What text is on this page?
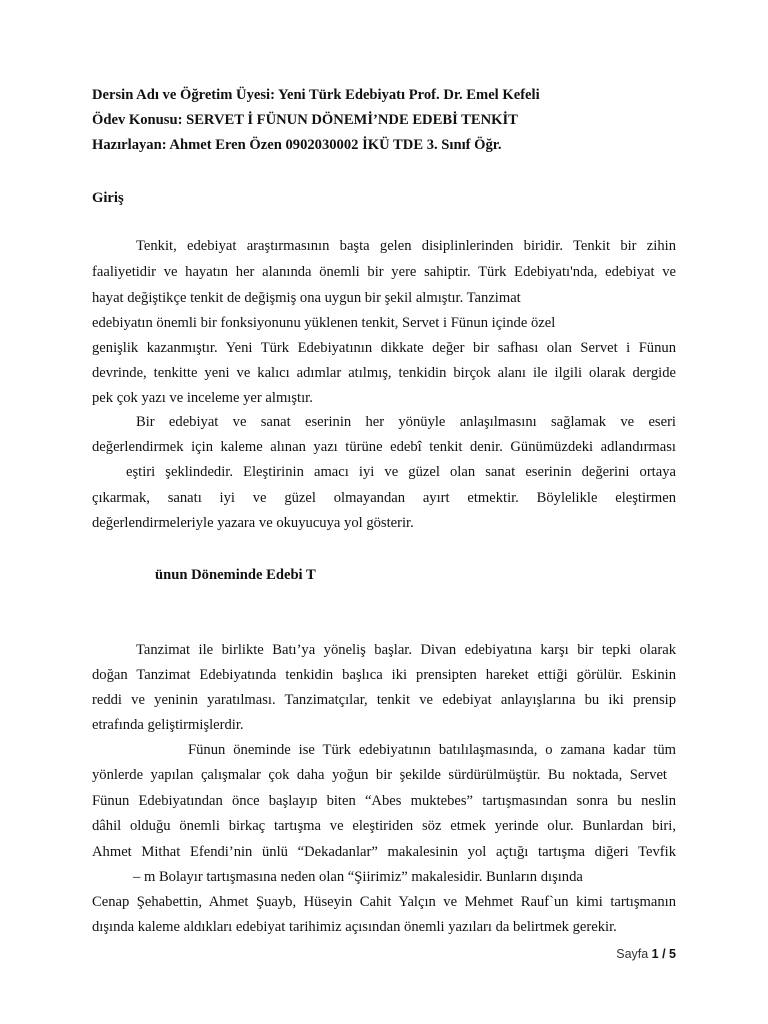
Dersin Adı ve Öğretim Üyesi: Yeni Türk Edebiyatı Prof. Dr. Emel Kefeli
Ödev Konusu: SERVET İ FÜNUN DÖNEMİ’NDE EDEBİ TENKİT
Hazırlayan: Ahmet Eren Özen 0902030002 İKÜ TDE 3. Sınıf Öğr.
Giriş
Tenkit, edebiyat araştırmasının başta gelen disiplinlerinden biridir. Tenkit bir zihin
faaliyetidir ve hayatın her alanında önemli bir yere sahiptir. Türk Edebiyatı'nda, edebiyat ve
hayat değiştikçe tenkit de değişmiş ona uygun bir şekil almıştır. Tanzimat
edebiyatın önemli bir fonksiyonunu yüklenen tenkit, Servet i Fünun içinde özel
genişlik kazanmıştır. Yeni Türk Edebiyatının dikkate değer bir safhası olan Servet i Fünun
devrinde, tenkitte yeni ve kalıcı adımlar atılmış, tenkidin birçok alanı ile ilgili olarak dergide
pek çok yazı ve inceleme yer almıştır.
Bir edebiyat ve sanat eserinin her yönüyle anlaşılmasını sağlamak ve eseri
değerlendirmek için kaleme alınan yazı türüne edebî tenkit denir. Günümüzdeki adlandırması
eştiri şeklindedir. Eleştirinin amacı iyi ve güzel olan sanat eserinin değerini ortaya
çıkarmak, sanatı iyi ve güzel olmayandan ayırt etmektir. Böylelikle eleştirmen
değerlendirmeleriyle yazara ve okuyucuya yol gösterir.
ünun Döneminde Edebi T
Tanzimat ile birlikte Batı’ya yöneliş başlar. Divan edebiyatına karşı bir tepki olarak
doğan Tanzimat Edebiyatında tenkidin başlıca iki prensipten hareket ettiği görülür. Eskinin
reddi ve yeninin yaratılması. Tanzimatçılar, tenkit ve edebiyat anlayışlarına bu iki prensip
etrafında geliştirmişlerdir.
Fünun öneminde ise Türk edebiyatının batılılaşmasında, o zamana kadar tüm
yönlerde yapılan çalışmalar çok daha yoğun bir şekilde sürdürülmüştür. Bu noktada, Servet
Fünun Edebiyatından önce başlayıp biten “Abes muktebes” tartışmasından sonra bu neslin
dâhil olduğu önemli birkaç tartışma ve eleştiriden söz etmek yerinde olur. Bunlardan biri,
Ahmet Mithat Efendi’nin ünlü “Dekadanlar” makalesinin yol açtığı tartışma diğeri Tevfik
– m Bolayır tartışmasına neden olan “Şiirimiz” makalesidir. Bunların dışında
Cenap Şehabettin, Ahmet Şuayb, Hüseyin Cahit Yalçın ve Mehmet Rauf`un kimi tartışmanın
dışında kaleme aldıkları edebiyat tarihimiz açısından önemli yazıları da belirtmek gerekir.
Sayfa 1 / 5
